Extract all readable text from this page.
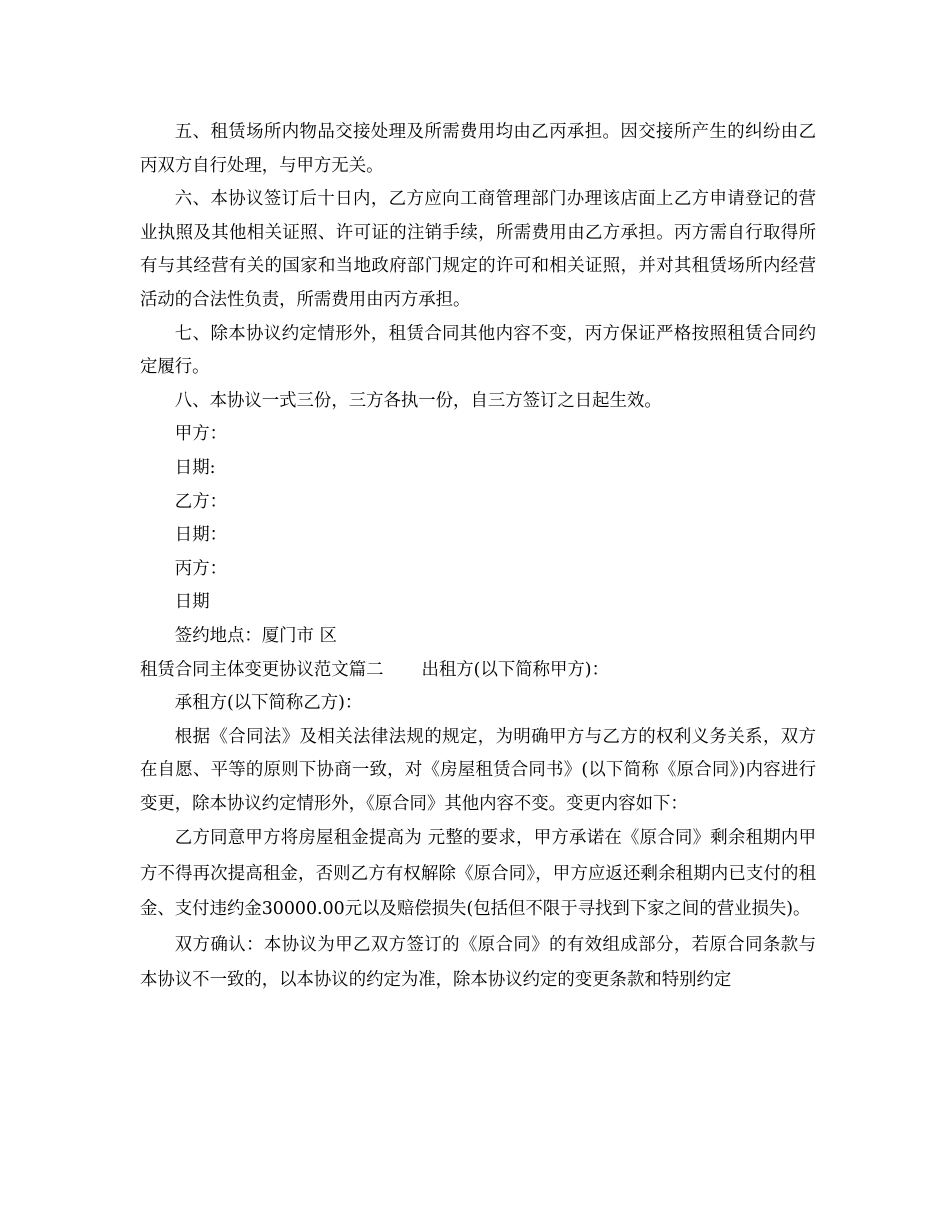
五、租赁场所内物品交接处理及所需费用均由乙丙承担。因交接所产生的纠纷由乙丙双方自行处理，与甲方无关。

六、本协议签订后十日内，乙方应向工商管理部门办理该店面上乙方申请登记的营业执照及其他相关证照、许可证的注销手续，所需费用由乙方承担。丙方需自行取得所有与其经营有关的国家和当地政府部门规定的许可和相关证照，并对其租赁场所内经营活动的合法性负责，所需费用由丙方承担。

七、除本协议约定情形外，租赁合同其他内容不变，丙方保证严格按照租赁合同约定履行。

八、本协议一式三份，三方各执一份，自三方签订之日起生效。

甲方：

日期:

乙方：

日期：

丙方：

日期

签约地点：厦门市 区

租赁合同主体变更协议范文篇二 出租方(以下简称甲方)：

承租方(以下简称乙方)：

根据《合同法》及相关法律法规的规定，为明确甲方与乙方的权利义务关系，双方在自愿、平等的原则下协商一致，对《房屋租赁合同书》(以下简称《原合同》)内容进行变更，除本协议约定情形外，《原合同》其他内容不变。变更内容如下：

乙方同意甲方将房屋租金提高为 元整的要求，甲方承诺在《原合同》剩余租期内甲方不得再次提高租金，否则乙方有权解除《原合同》，甲方应返还剩余租期内已支付的租金、支付违约金30000.00元以及赔偿损失(包括但不限于寻找到下家之间的营业损失)。

双方确认：本协议为甲乙双方签订的《原合同》的有效组成部分，若原合同条款与本协议不一致的，以本协议的约定为准，除本协议约定的变更条款和特别约定
